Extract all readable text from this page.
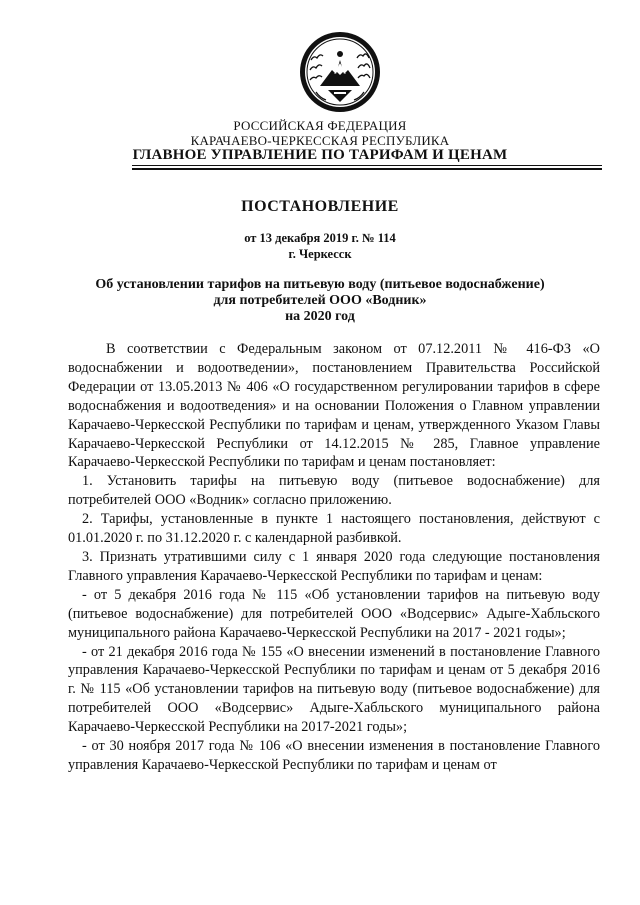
РОССИЙСКАЯ ФЕДЕРАЦИЯ
КАРАЧАЕВО-ЧЕРКЕССКАЯ РЕСПУБЛИКА
ГЛАВНОЕ УПРАВЛЕНИЕ ПО ТАРИФАМ И ЦЕНАМ
ПОСТАНОВЛЕНИЕ
от 13 декабря 2019 г. № 114
г. Черкесск
Об установлении тарифов на питьевую воду (питьевое водоснабжение)
для потребителей ООО «Водник»
на 2020 год

В соответствии с Федеральным законом от 07.12.2011 № 416-ФЗ «О водоснабжении и водоотведении», постановлением Правительства Российской Федерации от 13.05.2013 № 406 «О государственном регулировании тарифов в сфере водоснабжения и водоотведения» и на основании Положения о Главном управлении Карачаево-Черкесской Республики по тарифам и ценам, утвержденного Указом Главы Карачаево-Черкесской Республики от 14.12.2015 № 285, Главное управление Карачаево-Черкесской Республики по тарифам и ценам постановляет:

1. Установить тарифы на питьевую воду (питьевое водоснабжение) для потребителей ООО «Водник» согласно приложению.

2. Тарифы, установленные в пункте 1 настоящего постановления, действуют с 01.01.2020 г. по 31.12.2020 г. с календарной разбивкой.

3. Признать утратившими силу с 1 января 2020 года следующие постановления Главного управления Карачаево-Черкесской Республики по тарифам и ценам:

- от 5 декабря 2016 года № 115 «Об установлении тарифов на питьевую воду (питьевое водоснабжение) для потребителей ООО «Водсервис» Адыге-Хабльского муниципального района Карачаево-Черкесской Республики на 2017 - 2021 годы»;

- от 21 декабря 2016 года № 155 «О внесении изменений в постановление Главного управления Карачаево-Черкесской Республики по тарифам и ценам от 5 декабря 2016 г. № 115 «Об установлении тарифов на питьевую воду (питьевое водоснабжение) для потребителей ООО «Водсервис» Адыге-Хабльского муниципального района Карачаево-Черкесской Республики на 2017-2021 годы»;

- от 30 ноября 2017 года № 106 «О внесении изменения в постановление Главного управления Карачаево-Черкесской Республики по тарифам и ценам от
